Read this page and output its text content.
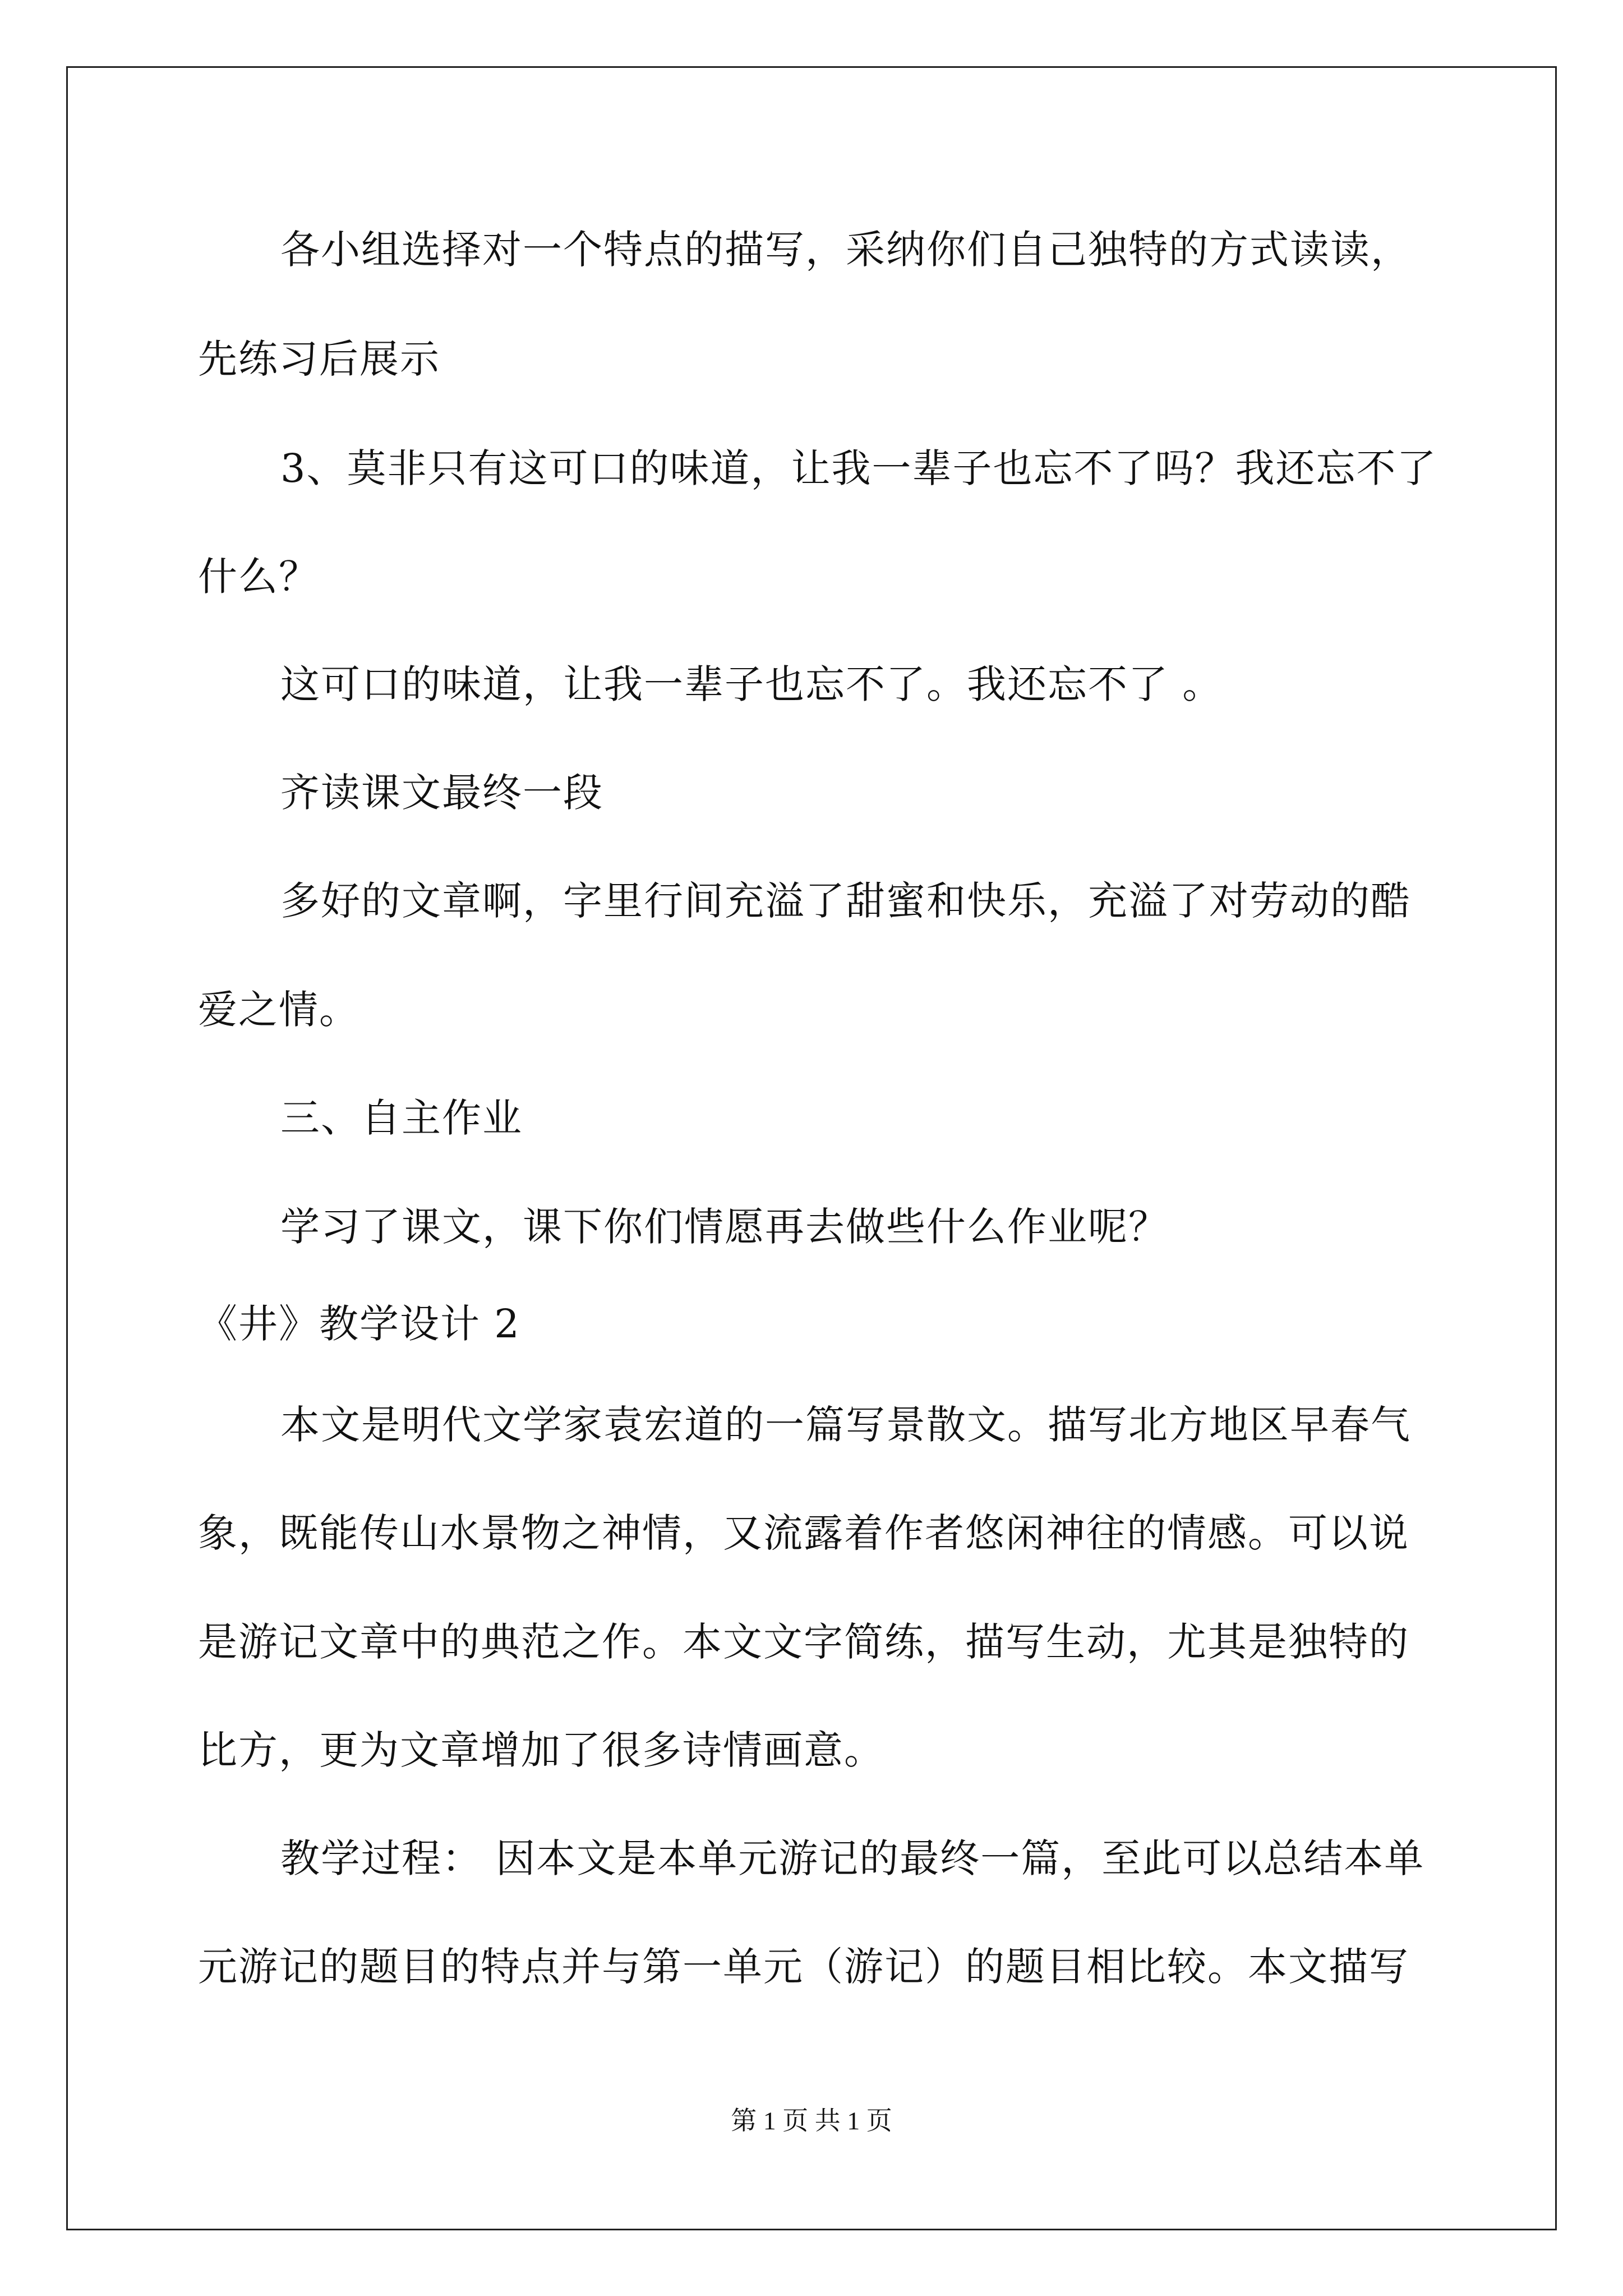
各小组选择对一个特点的描写，采纳你们自己独特的方式读读，
先练习后展示
3、莫非只有这可口的味道，让我一辈子也忘不了吗？我还忘不了
什么？
这可口的味道，让我一辈子也忘不了。我还忘不了 。
齐读课文最终一段
多好的文章啊，字里行间充溢了甜蜜和快乐，充溢了对劳动的酷
爱之情。
三、自主作业
学习了课文，课下你们情愿再去做些什么作业呢？
《井》教学设计 2
本文是明代文学家袁宏道的一篇写景散文。描写北方地区早春气
象，既能传山水景物之神情，又流露着作者悠闲神往的情感。可以说
是游记文章中的典范之作。本文文字简练，描写生动，尤其是独特的
比方，更为文章增加了很多诗情画意。
教学过程： 因本文是本单元游记的最终一篇，至此可以总结本单
元游记的题目的特点并与第一单元（游记）的题目相比较。本文描写
第 1 页 共 1 页
